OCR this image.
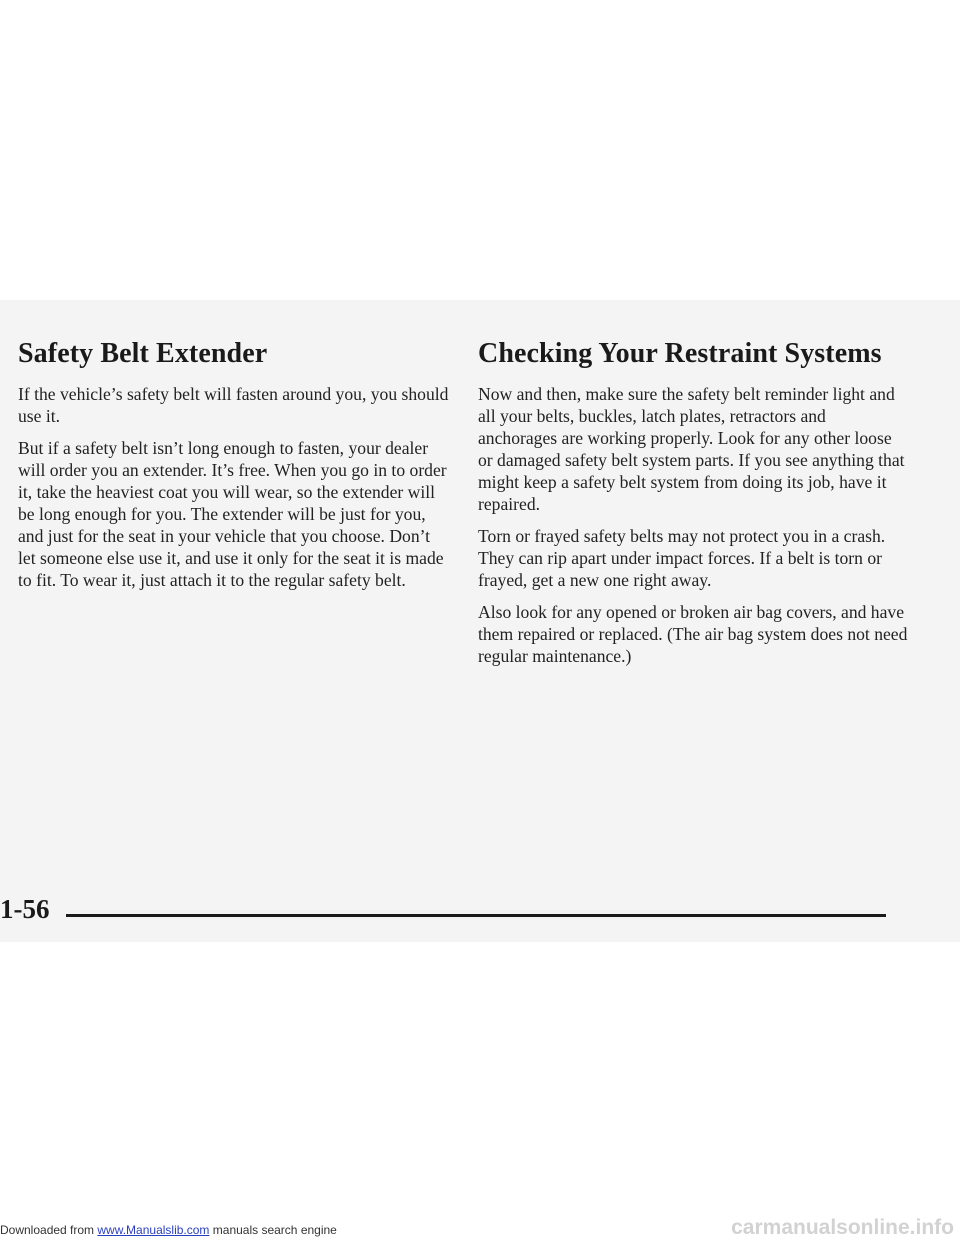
Safety Belt Extender

If the vehicle’s safety belt will fasten around you, you should use it.

But if a safety belt isn’t long enough to fasten, your dealer will order you an extender. It’s free. When you go in to order it, take the heaviest coat you will wear, so the extender will be long enough for you. The extender will be just for you, and just for the seat in your vehicle that you choose. Don’t let someone else use it, and use it only for the seat it is made to fit. To wear it, just attach it to the regular safety belt.

Checking Your Restraint Systems

Now and then, make sure the safety belt reminder light and all your belts, buckles, latch plates, retractors and anchorages are working properly. Look for any other loose or damaged safety belt system parts. If you see anything that might keep a safety belt system from doing its job, have it repaired.

Torn or frayed safety belts may not protect you in a crash. They can rip apart under impact forces. If a belt is torn or frayed, get a new one right away.

Also look for any opened or broken air bag covers, and have them repaired or replaced. (The air bag system does not need regular maintenance.)

1-56
Downloaded from www.Manualslib.com manuals search engine	carmanualsonline.info
